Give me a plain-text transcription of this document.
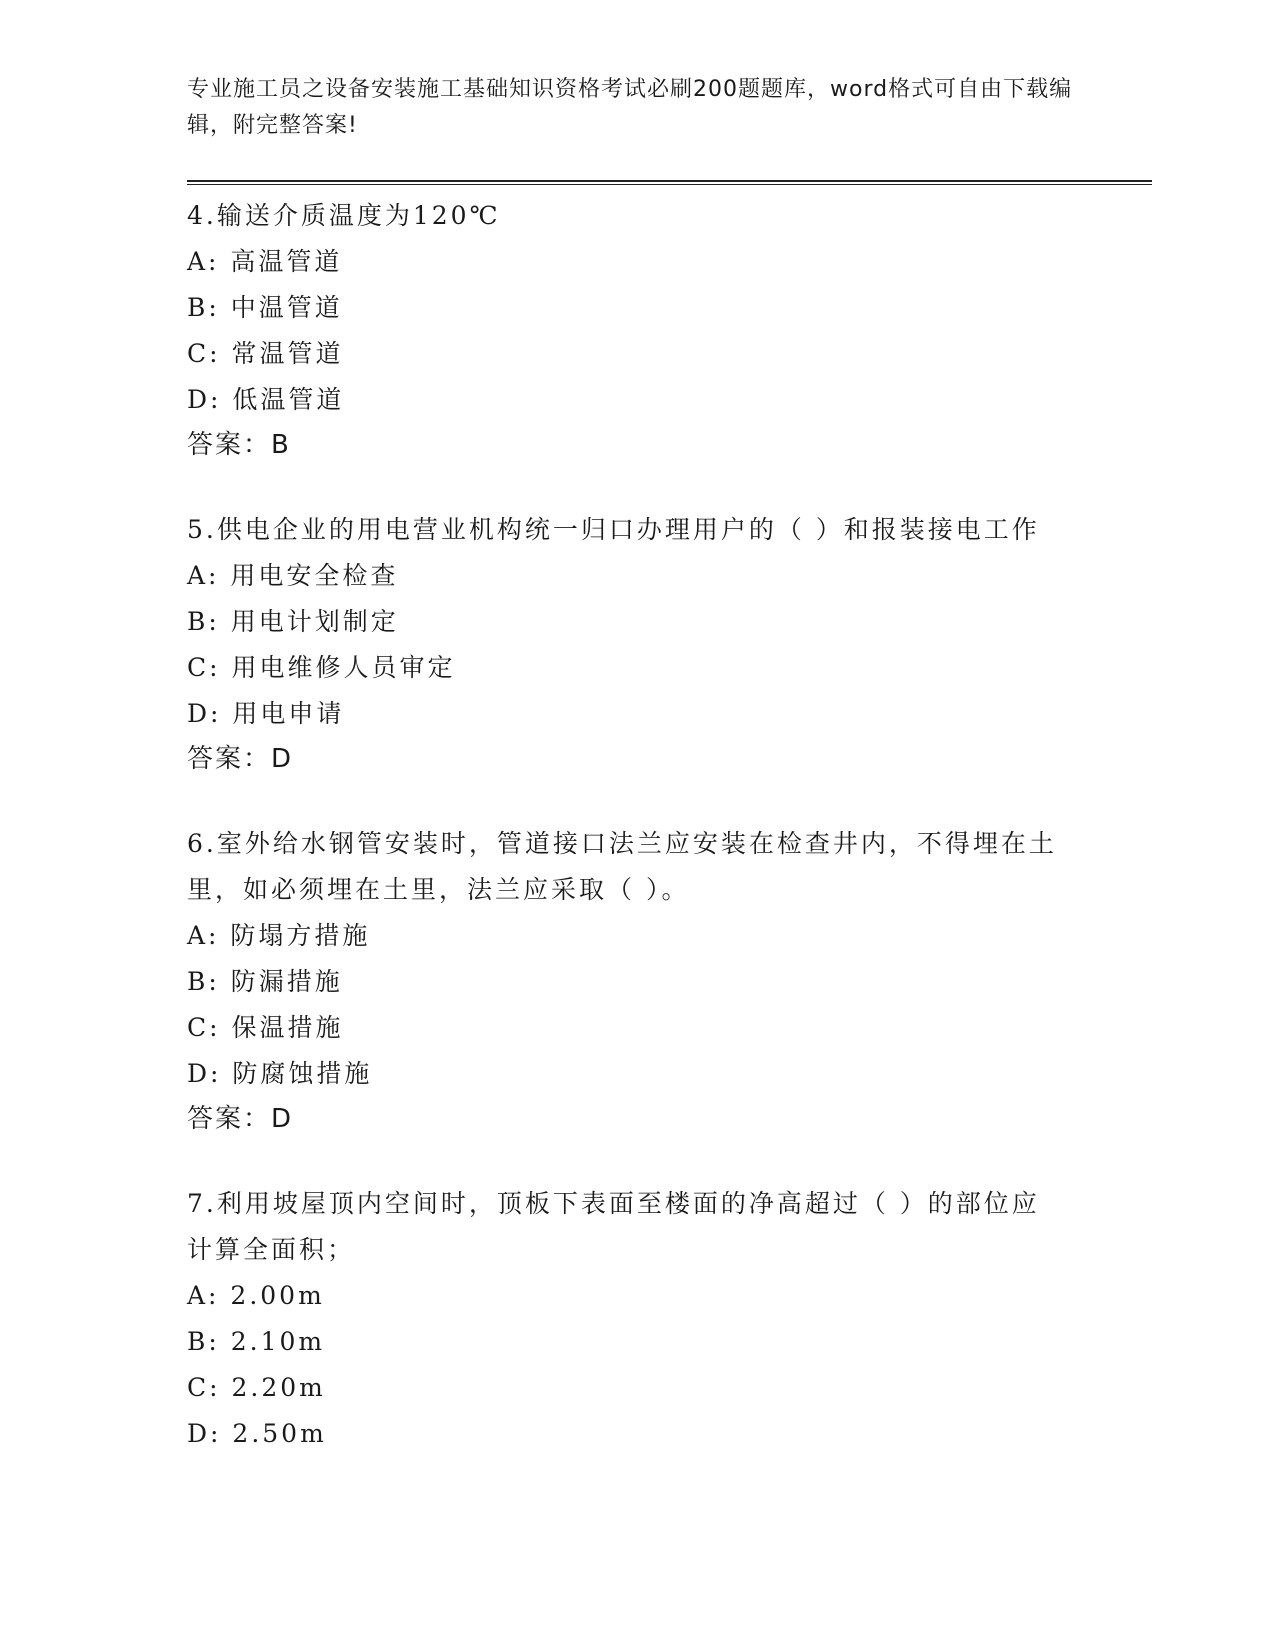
专业施工员之设备安装施工基础知识资格考试必刷200题题库，word格式可自由下载编辑，附完整答案!

4.输送介质温度为120℃

A: 高温管道

B: 中温管道

C: 常温管道

D: 低温管道

答案：B

5.供电企业的用电营业机构统一归口办理用户的（ ）和报装接电工作

A: 用电安全检查

B: 用电计划制定

C: 用电维修人员审定

D: 用电申请

答案：D

6.室外给水钢管安装时，管道接口法兰应安装在检查井内，不得埋在土里，如必须埋在土里，法兰应采取（ ）。

A: 防塌方措施

B: 防漏措施

C: 保温措施

D: 防腐蚀措施

答案：D

7.利用坡屋顶内空间时，顶板下表面至楼面的净高超过（ ）的部位应计算全面积；

A: 2.00m

B: 2.10m

C: 2.20m

D: 2.50m
